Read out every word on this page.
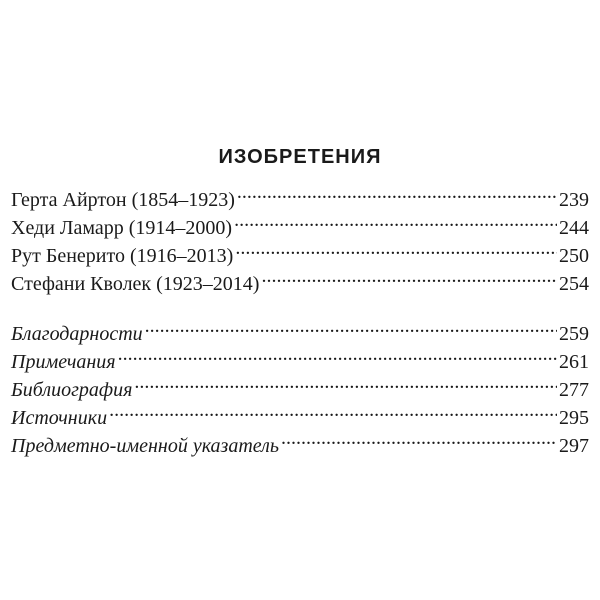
ИЗОБРЕТЕНИЯ
Герта Айртон (1854–1923) .....	239
Хеди Ламарр (1914–2000) .....	244
Рут Бенерито (1916–2013) .....	250
Стефани Кволек (1923–2014) .....	254
Благодарности .....	259
Примечания .....	261
Библиография .....	277
Источники .....	295
Предметно-именной указатель .....	297
